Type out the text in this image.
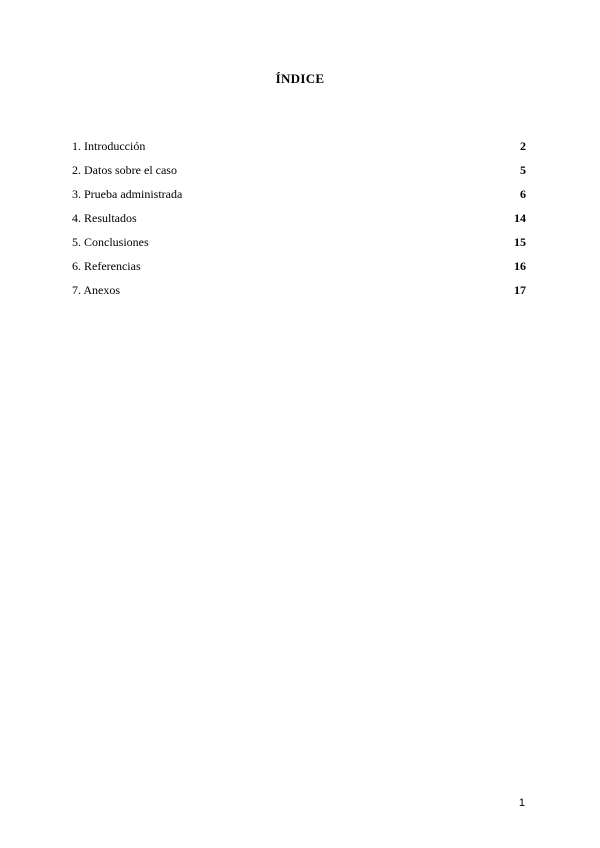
ÍNDICE
1. Introducción	2
2. Datos sobre el caso	5
3. Prueba administrada	6
4. Resultados	14
5. Conclusiones	15
6. Referencias	16
7. Anexos	17
1
